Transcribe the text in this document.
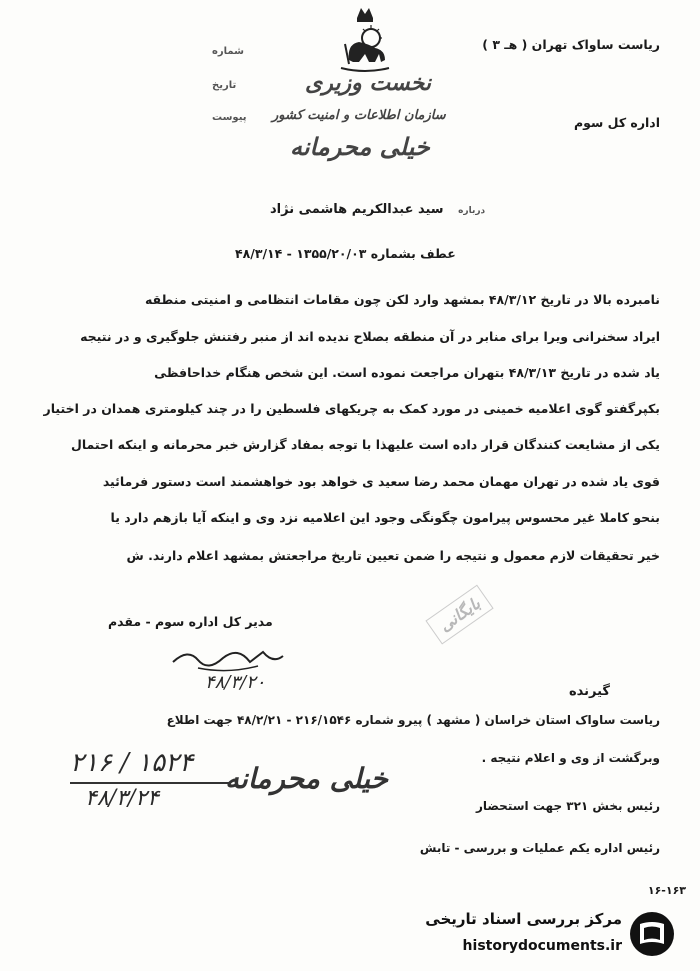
ریاست ساواک تهران ( هـ ۳ )
اداره کل سوم
شماره
تاریخ
پیوست
نخست وزیری
سازمان اطلاعات و امنیت کشور
خیلی محرمانه
درباره سید عبدالکریم هاشمی نژاد
عطف بشماره ۱۳۵۵/۲۰/۰۳ - ۴۸/۳/۱۴
نامبرده بالا در تاریخ ۴۸/۳/۱۲ بمشهد وارد لکن چون مقامات انتظامی و امنیتی منطقه
ایراد سخنرانی ویرا برای منابر در آن منطقه بصلاح ندیده اند از منبر رفتنش جلوگیری و در نتیجه
یاد شده در تاریخ ۴۸/۳/۱۳ بتهران مراجعت نموده است. این شخص هنگام خداحافظی
بکپرگفتو گوی اعلامیه خمینی در مورد کمک به چریکهای فلسطین را در چند کیلومتری همدان در اختیار
یکی از مشایعت کنندگان قرار داده است علیهذا با توجه بمفاد گزارش خبر محرمانه و اینکه احتمال
قوی یاد شده در تهران مهمان محمد رضا سعید ی خواهد بود خواهشمند است دستور فرمائید
بنحو کاملا غیر محسوس پیرامون چگونگی وجود این اعلامیه نزد وی و اینکه آیا بازهم دارد یا
خیر تحقیقات لازم معمول و نتیجه را ضمن تعیین تاریخ مراجعتش بمشهد اعلام دارند. ش
بایگانی
مدیر کل اداره سوم - مقدم
۴۸/۳/۲۰	گیرنده
ریاست ساواک استان خراسان ( مشهد ) پیرو شماره ۲۱۶/۱۵۴۶ - ۴۸/۲/۲۱ جهت اطلاع
وبرگشت از وی و اعلام نتیجه .
رئیس بخش ۳۲۱ جهت استحضار
رئیس اداره یکم عملیات و بررسی - تابش
۲۱۶ / ۱۵۲۴
۴۸/۳/۲۴
خیلی محرمانه
۱۶-۱۶۳
مرکز بررسی اسناد تاریخی
historydocuments.ir
